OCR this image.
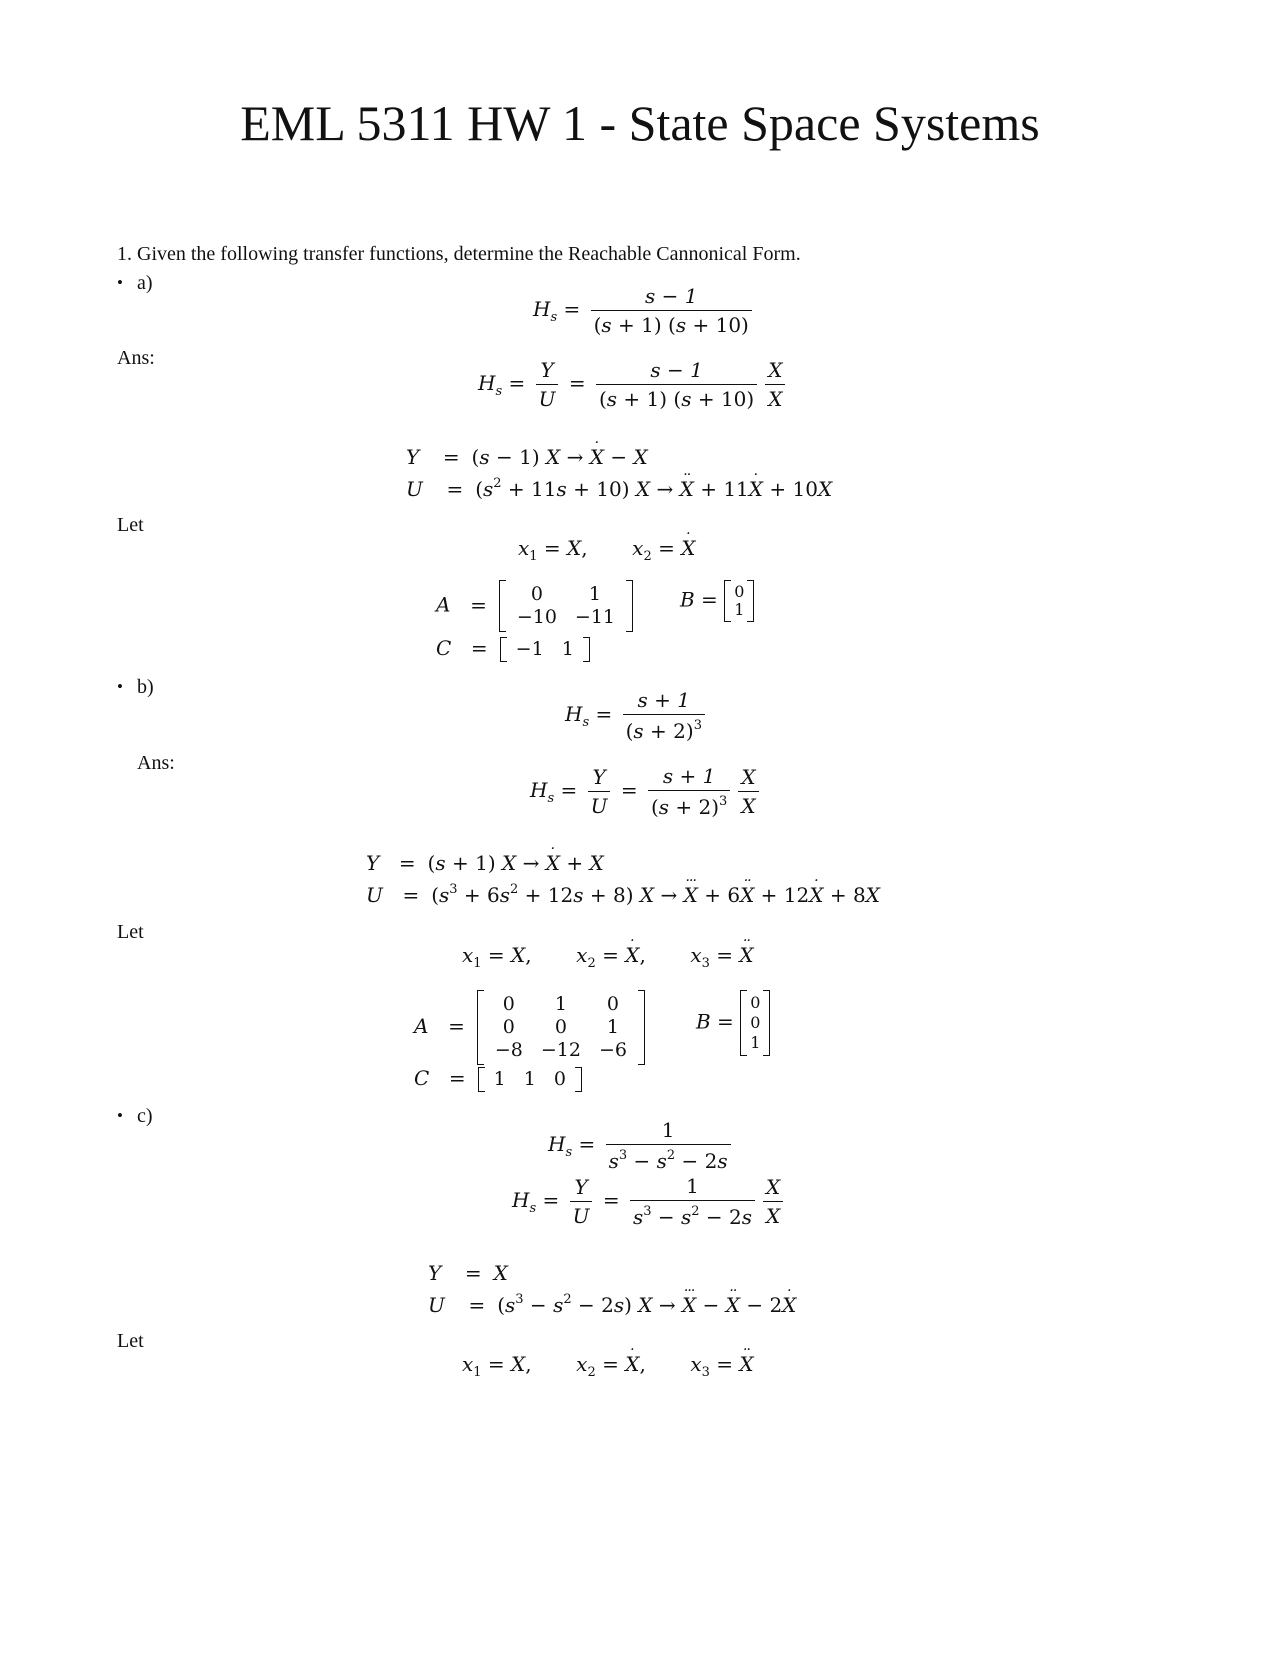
EML 5311 HW 1 - State Space Systems
1. Given the following transfer functions, determine the Reachable Cannonical Form.
• a)
$H_s = \frac{s - 1}{(s + 1) (s + 10)}$
Ans:
$H_s = \frac{Y}{U} = \frac{s - 1}{(s + 1) (s + 10)} \frac{X}{X}$
Y = (s − 1) X → X · − X
$U = (s^2 + 11s + 10) X \to X$ ·· + 11X · + 10X
Let
$x_1 = X$,       $x_2 = X$ ·
A = 0	1
−10	−11
B = 0
1
C = −1	1
• b)
$H_s = \frac{s + 1}{(s + 2)^3}$
Ans:
$H_s = \frac{Y}{U} = \frac{s + 1}{(s + 2)^3} \frac{X}{X}$
Y = (s + 1) X → X · + X
$U = (s^3 + 6s^2 + 12s + 8) X \to X$ ··· + 6X ·· + 12X · + 8X
Let
$x_1 = X$,       $x_2 = X$ ·,       $x_3 = X$ ··
A =
0	1	0
0	0	1
−8	−12	−6
B =
0
0
1
C = 1	1	0
• c)
$H_s = \frac{1}{s^3 - s^2 - 2s}$
$H_s = \frac{Y}{U} = \frac{1}{s^3 - s^2 - 2s} \frac{X}{X}$
Y = X
$U = (s^3 - s^2 - 2s) X \to X$ ··· − X ·· − 2X ·
Let
$x_1 = X$,       $x_2 = X$ ·,       $x_3 = X$ ··
